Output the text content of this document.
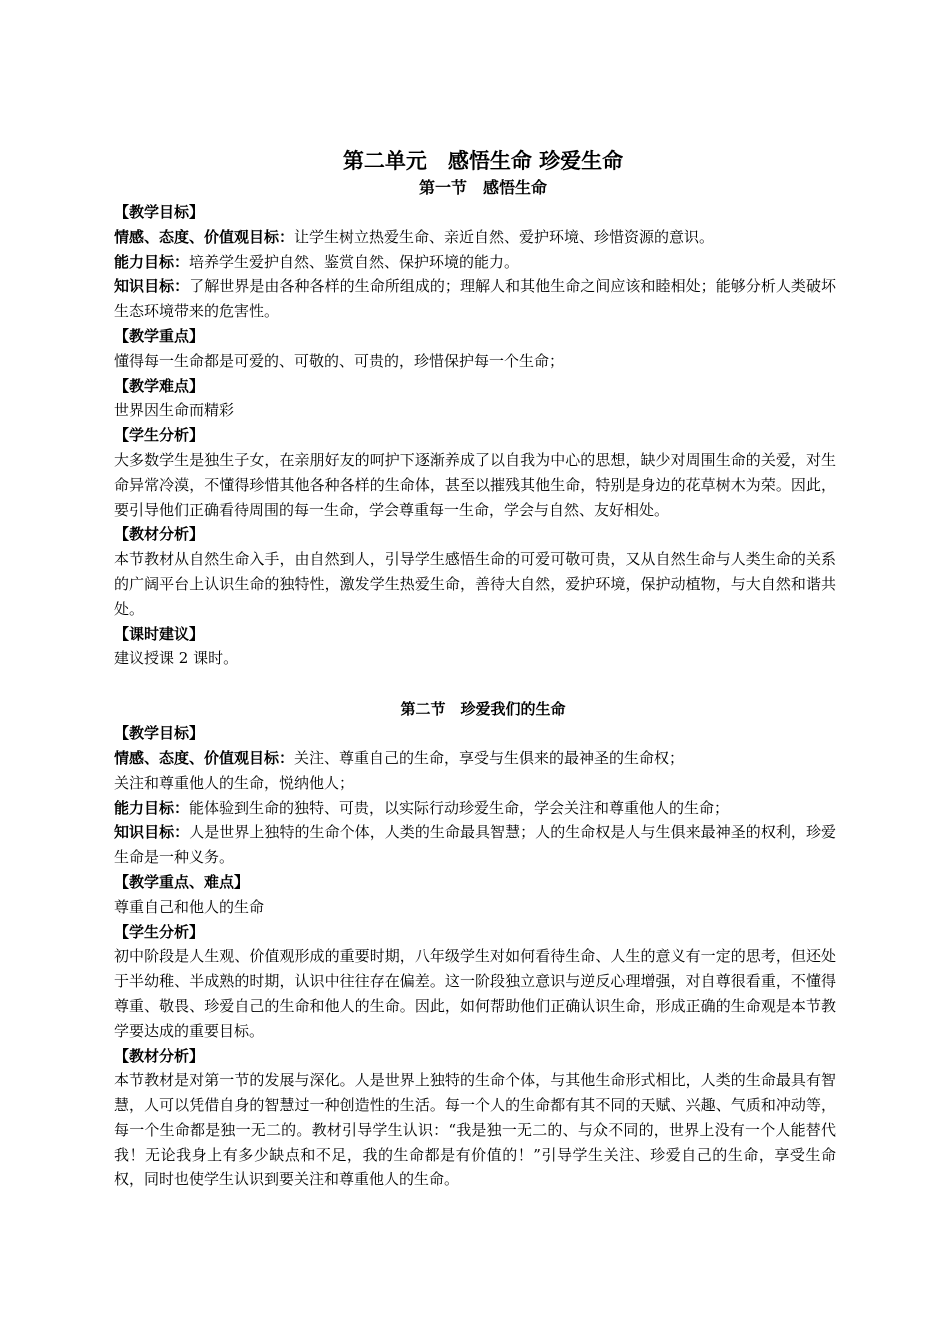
第二单元　感悟生命 珍爱生命
第一节　感悟生命

【教学目标】

情感、态度、价值观目标：让学生树立热爱生命、亲近自然、爱护环境、珍惜资源的意识。

能力目标：培养学生爱护自然、鉴赏自然、保护环境的能力。

知识目标：了解世界是由各种各样的生命所组成的；理解人和其他生命之间应该和睦相处；能够分析人类破坏生态环境带来的危害性。

【教学重点】

懂得每一生命都是可爱的、可敬的、可贵的，珍惜保护每一个生命；

【教学难点】

世界因生命而精彩

【学生分析】

大多数学生是独生子女，在亲朋好友的呵护下逐渐养成了以自我为中心的思想，缺少对周围生命的关爱，对生命异常冷漠，不懂得珍惜其他各种各样的生命体，甚至以摧残其他生命，特别是身边的花草树木为荣。因此，要引导他们正确看待周围的每一生命，学会尊重每一生命，学会与自然、友好相处。

【教材分析】

本节教材从自然生命入手，由自然到人，引导学生感悟生命的可爱可敬可贵，又从自然生命与人类生命的关系的广阔平台上认识生命的独特性，激发学生热爱生命，善待大自然，爱护环境，保护动植物，与大自然和谐共处。

【课时建议】

建议授课 2 课时。

第二节　珍爱我们的生命

【教学目标】

情感、态度、价值观目标：关注、尊重自己的生命，享受与生俱来的最神圣的生命权；

关注和尊重他人的生命，悦纳他人；

能力目标：能体验到生命的独特、可贵，以实际行动珍爱生命，学会关注和尊重他人的生命；

知识目标：人是世界上独特的生命个体，人类的生命最具智慧；人的生命权是人与生俱来最神圣的权利，珍爱生命是一种义务。

【教学重点、难点】

尊重自己和他人的生命

【学生分析】

初中阶段是人生观、价值观形成的重要时期，八年级学生对如何看待生命、人生的意义有一定的思考，但还处于半幼稚、半成熟的时期，认识中往往存在偏差。这一阶段独立意识与逆反心理增强，对自尊很看重，不懂得尊重、敬畏、珍爱自己的生命和他人的生命。因此，如何帮助他们正确认识生命，形成正确的生命观是本节教学要达成的重要目标。

【教材分析】

本节教材是对第一节的发展与深化。人是世界上独特的生命个体，与其他生命形式相比，人类的生命最具有智慧，人可以凭借自身的智慧过一种创造性的生活。每一个人的生命都有其不同的天赋、兴趣、气质和冲动等，每一个生命都是独一无二的。教材引导学生认识：“我是独一无二的、与众不同的，世界上没有一个人能替代我！无论我身上有多少缺点和不足，我的生命都是有价值的！”引导学生关注、珍爱自己的生命，享受生命权，同时也使学生认识到要关注和尊重他人的生命。
